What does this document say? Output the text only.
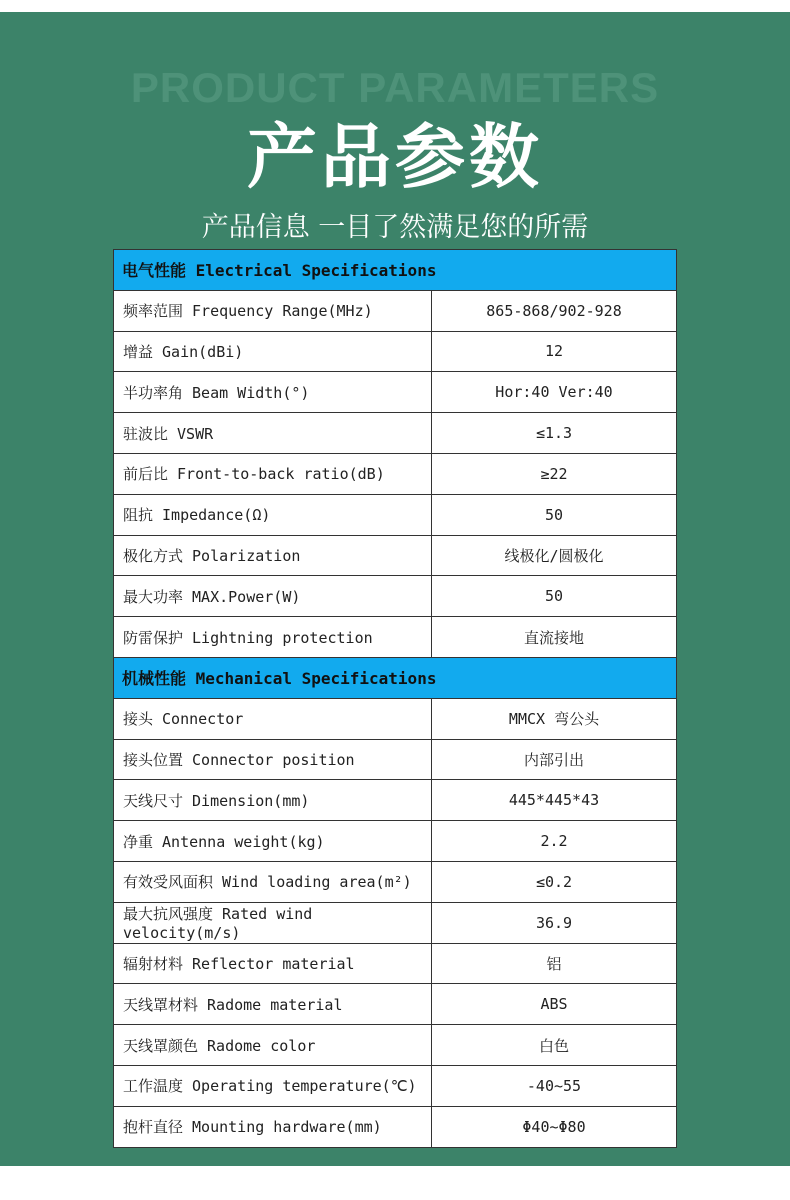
PRODUCT PARAMETERS
产品参数
产品信息 一目了然满足您的所需
电气性能 Electrical Specifications	
频率范围 Frequency Range(MHz)	865-868/902-928
增益 Gain(dBi)	12
半功率角 Beam Width(°)	Hor:40 Ver:40
驻波比 VSWR	≤1.3
前后比 Front-to-back ratio(dB)	≥22
阻抗 Impedance(Ω)	50
极化方式 Polarization	线极化/圆极化
最大功率 MAX.Power(W)	50
防雷保护 Lightning protection	直流接地
机械性能 Mechanical Specifications	
接头 Connector	MMCX 弯公头
接头位置 Connector position	内部引出
天线尺寸 Dimension(mm)	445*445*43
净重 Antenna weight(kg)	2.2
有效受风面积 Wind loading area(m²)	≤0.2
最大抗风强度 Rated wind velocity(m/s)	36.9
辐射材料 Reflector material	铝
天线罩材料 Radome material	ABS
天线罩颜色 Radome color	白色
工作温度 Operating temperature(℃)	-40~55
抱杆直径 Mounting hardware(mm)	Φ40~Φ80
